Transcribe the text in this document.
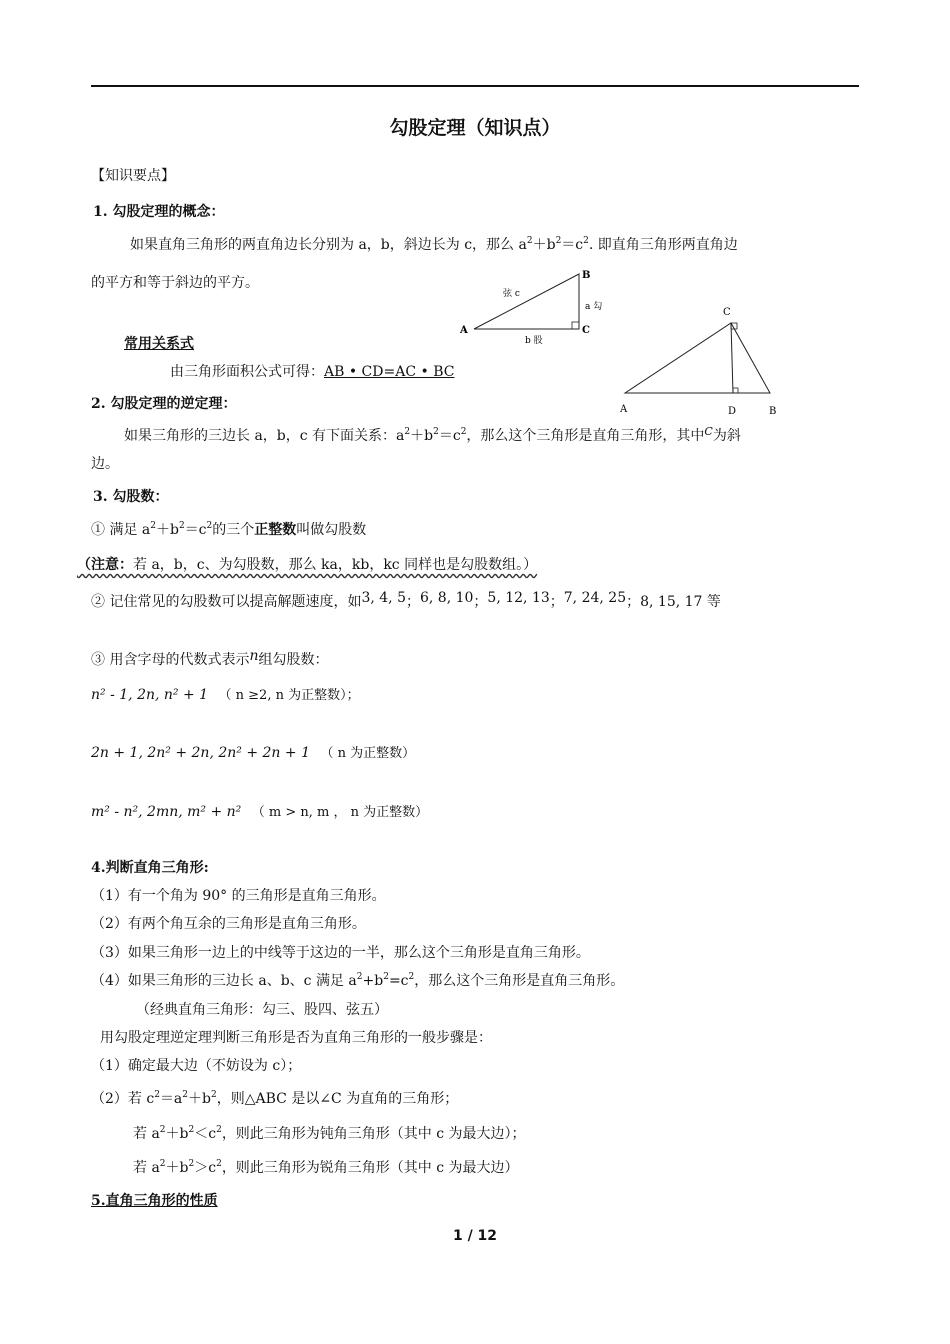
勾股定理（知识点）
【知识要点】
1. 勾股定理的概念：
如果直角三角形的两直角边长分别为 a，b，斜边长为 c，那么 $a^2+b^2=c^2$. 即直角三角形两直角边
的平方和等于斜边的平方。
A
B
C
弦 c
a 勾
b 股
常用关系式
由三角形面积公式可得：AB • CD=AC • BC
C
A	D	B
2. 勾股定理的逆定理：
如果三角形的三边长 a，b，c 有下面关系：$a^2+b^2=c^2$，那么这个三角形是直角三角形，其中$^C$为斜
边。
3. 勾股数：
① 满足 $a^2+b^2=c^2$的三个正整数叫做勾股数
（注意：若 a，b，c、为勾股数，那么 ka，kb，kc 同样也是勾股数组。）
② 记住常见的勾股数可以提高解题速度，如3, 4, 5；6, 8, 10；5, 12, 13；7, 24, 25；8, 15, 17 等
③ 用含字母的代数式表示n组勾股数：
n² - 1, 2n, n² + 1 （ n ≥2, n 为正整数）；
2n + 1, 2n² + 2n, 2n² + 2n + 1 （ n 为正整数）
m² - n², 2mn, m² + n² （ m > n, m ， n 为正整数）
4.判断直角三角形:
（1）有一个角为 90° 的三角形是直角三角形。
（2）有两个角互余的三角形是直角三角形。
（3）如果三角形一边上的中线等于这边的一半，那么这个三角形是直角三角形。
（4）如果三角形的三边长 a、b、c 满足 $a^2+b^2=c^2$，那么这个三角形是直角三角形。
（经典直角三角形：勾三、股四、弦五）
用勾股定理逆定理判断三角形是否为直角三角形的一般步骤是：
（1）确定最大边（不妨设为 c）；
（2）若 $c^2=a^2+b^2$，则△ABC 是以∠C 为直角的三角形；
若 $a^2+b^2<c^2$，则此三角形为钝角三角形（其中 c 为最大边）；
若 $a^2+b^2>c^2$，则此三角形为锐角三角形（其中 c 为最大边）
5.直角三角形的性质
1 / 12
